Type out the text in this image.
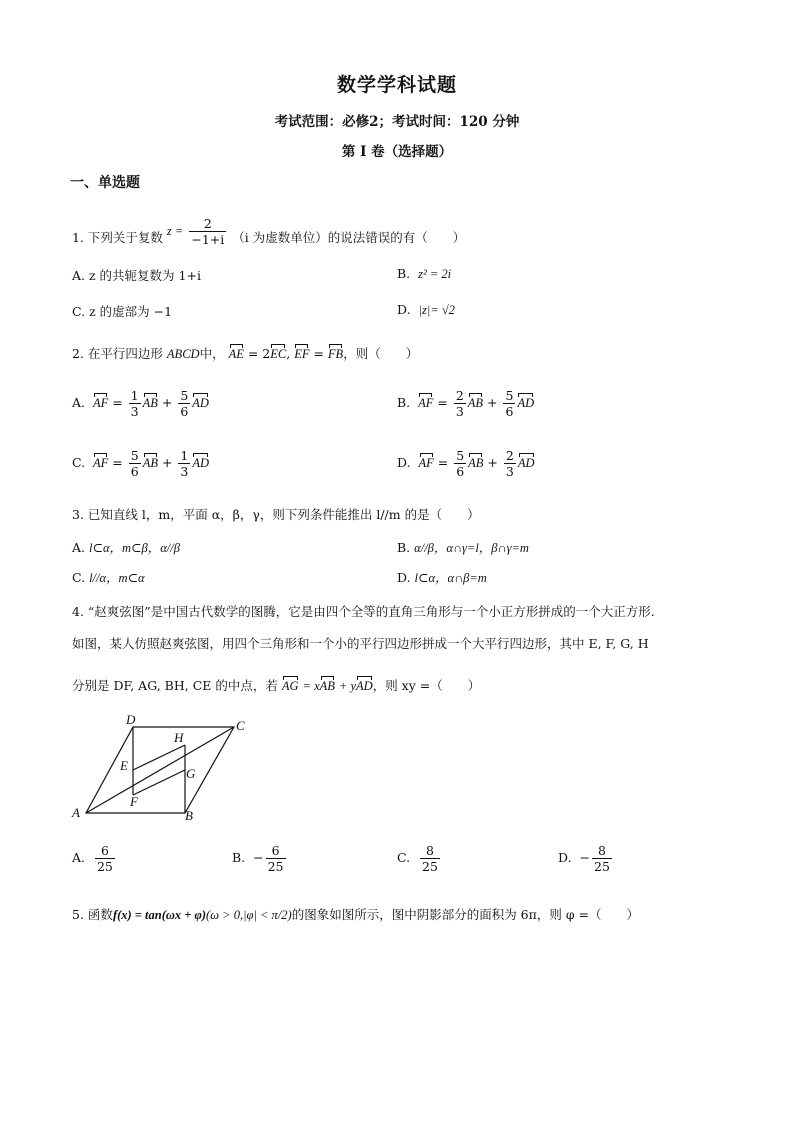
数学学科试题
考试范围：必修2；考试时间：120 分钟
第 I 卷（选择题）
一、单选题
1. 下列关于复数 $z = \frac{2}{-1+i} (i$ 为虚数单位）的说法错误的有（　　）
A. z 的共轭复数为 1+i	B. z² = 2i
C. z 的虚部为 −1	D. |z|= √2
2. 在平行四边形 ABCD中， AE = 2EC, EF = FB，则（　　）
A. AF = $\frac{1}{3}$ AB + $\frac{5}{6}$ AD	B. AF = $\frac{2}{3}$ AB + $\frac{5}{6}$ AD
C. AF = $\frac{5}{6}$ AB + $\frac{1}{3}$ AD	D. AF = $\frac{5}{6}$ AB + $\frac{2}{3}$ AD
3. 已知直线 l，m，平面 α，β，γ，则下列条件能推出 l//m 的是（　　）
A. l⊂α，m⊂β，α//β	B. α//β，α∩γ=l，β∩γ=m
C. l//α，m⊂α	D. l⊂α，α∩β=m
4. “赵爽弦图”是中国古代数学的图腾，它是由四个全等的直角三角形与一个小正方形拼成的一个大正方形.
如图，某人仿照赵爽弦图，用四个三角形和一个小的平行四边形拼成一个大平行四边形，其中 E, F, G, H
分别是 DF, AG, BH, CE 的中点，若 AG = xAB + yAD，则 xy =（　　）
A	B
C
D
E
F
G
H
A. $\frac{6}{25}$	B. − $\frac{6}{25}$	C. $\frac{8}{25}$	D. − $\frac{8}{25}$
5. 函数f(x) = tan(ωx + φ)(ω > 0,|φ| < π/2)的图象如图所示，图中阴影部分的面积为 6π，则 φ =（　　）
